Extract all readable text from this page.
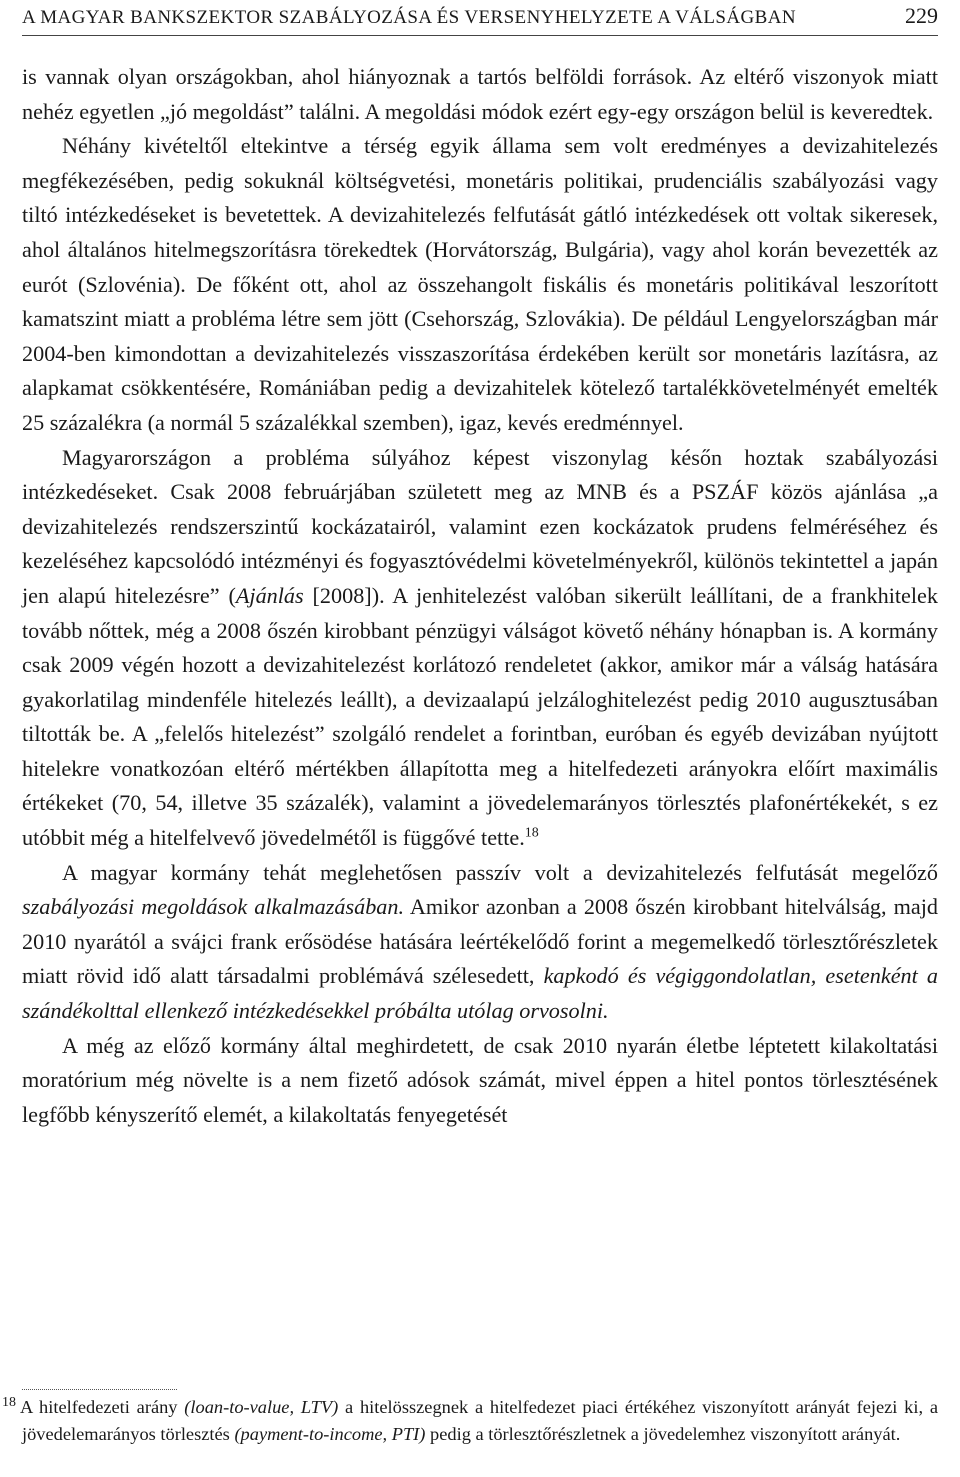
A MAGYAR BANKSZEKTOR SZABÁLYOZÁSA ÉS VERSENYHELYZETE A VÁLSÁGBAN	229

is vannak olyan országokban, ahol hiányoznak a tartós belföldi források. Az eltérő viszonyok miatt nehéz egyetlen „jó megoldást” találni. A megoldási módok ezért egy-egy országon belül is keveredtek.

Néhány kivételtől eltekintve a térség egyik állama sem volt eredményes a devizahitelezés megfékezésében, pedig sokuknál költségvetési, monetáris politikai, prudenciális szabályozási vagy tiltó intézkedéseket is bevetettek. A devizahitelezés felfutását gátló intézkedések ott voltak sikeresek, ahol általános hitelmegszorításra törekedtek (Horvátország, Bulgária), vagy ahol korán bevezették az eurót (Szlovénia). De főként ott, ahol az összehangolt fiskális és monetáris politikával leszorított kamatszint miatt a probléma létre sem jött (Csehország, Szlovákia). De például Lengyelországban már 2004-ben kimondottan a devizahitelezés visszaszorítása érdekében került sor monetáris lazításra, az alapkamat csökkentésére, Romániában pedig a devizahitelek kötelező tartalékkövetelményét emelték 25 százalékra (a normál 5 százalékkal szemben), igaz, kevés eredménnyel.

Magyarországon a probléma súlyához képest viszonylag későn hoztak szabályozási intézkedéseket. Csak 2008 februárjában született meg az MNB és a PSZÁF közös ajánlása „a devizahitelezés rendszerszintű kockázatairól, valamint ezen kockázatok prudens felméréséhez és kezeléséhez kapcsolódó intézményi és fogyasztóvédelmi követelményekről, különös tekintettel a japán jen alapú hitelezésre” (Ajánlás [2008]). A jenhitelezést valóban sikerült leállítani, de a frankhitelek tovább nőttek, még a 2008 őszén kirobbant pénzügyi válságot követő néhány hónapban is. A kormány csak 2009 végén hozott a devizahitelezést korlátozó rendeletet (akkor, amikor már a válság hatására gyakorlatilag mindenféle hitelezés leállt), a devizaalapú jelzáloghitelezést pedig 2010 augusztusában tiltották be. A „felelős hitelezést” szolgáló rendelet a forintban, euróban és egyéb devizában nyújtott hitelekre vonatkozóan eltérő mértékben állapította meg a hitelfedezeti arányokra előírt maximális értékeket (70, 54, illetve 35 százalék), valamint a jövedelemarányos törlesztés plafonértékekét, s ez utóbbit még a hitelfelvevő jövedelmétől is függővé tette.$^{18}$

A magyar kormány tehát meglehetősen passzív volt a devizahitelezés felfutását megelőző szabályozási megoldások alkalmazásában. Amikor azonban a 2008 őszén kirobbant hitelválság, majd 2010 nyarától a svájci frank erősödése hatására leértékelődő forint a megemelkedő törlesztőrészletek miatt rövid idő alatt társadalmi problémává szélesedett, kapkodó és végiggondolatlan, esetenként a szándékolttal ellenkező intézkedésekkel próbálta utólag orvosolni.

A még az előző kormány által meghirdetett, de csak 2010 nyarán életbe léptetett kilakoltatási moratórium még növelte is a nem fizető adósok számát, mivel éppen a hitel pontos törlesztésének legfőbb kényszerítő elemét, a kilakoltatás fenyegetését

$^{18}$ A hitelfedezeti arány (loan-to-value, LTV) a hitelösszegnek a hitelfedezet piaci értékéhez viszonyított arányát fejezi ki, a jövedelemarányos törlesztés (payment-to-income, PTI) pedig a törlesztőrészletnek a jövedelemhez viszonyított arányát.
